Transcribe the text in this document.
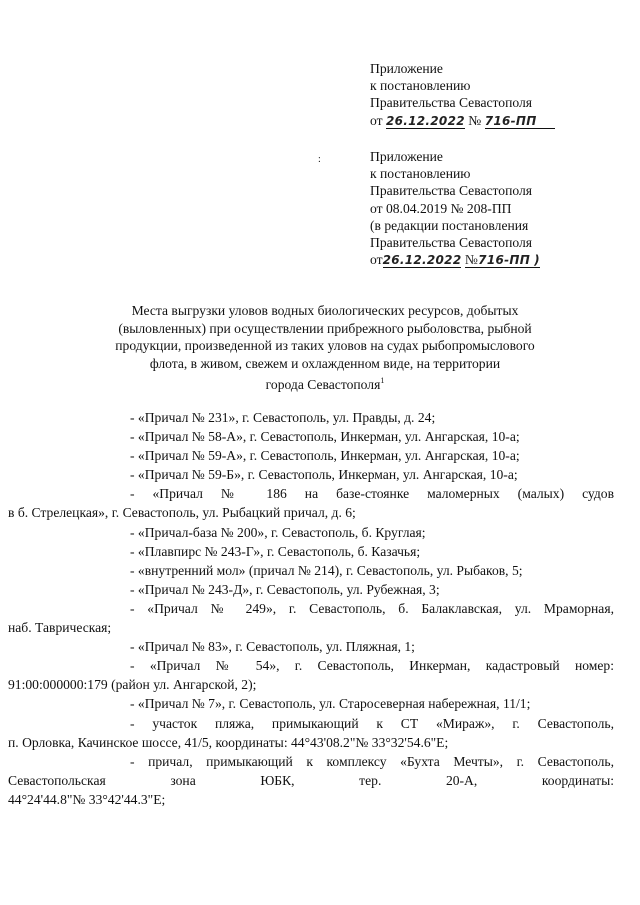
Приложение
к постановлению
Правительства Севастополя
от 26.12.2022 № 716-ПП
:	Приложение
к постановлению
Правительства Севастополя
от 08.04.2019 № 208-ПП
(в редакции постановления
Правительства Севастополя
от26.12.2022 №716-ПП )
Места выгрузки уловов водных биологических ресурсов, добытых
(выловленных) при осуществлении прибрежного рыболовства, рыбной
продукции, произведенной из таких уловов на судах рыбопромыслового
флота, в живом, свежем и охлажденном виде, на территории
города Севастополя$^1$
- «Причал № 231», г. Севастополь, ул. Правды, д. 24;
- «Причал № 58-А», г. Севастополь, Инкерман, ул. Ангарская, 10-а;
- «Причал № 59-А», г. Севастополь, Инкерман, ул. Ангарская, 10-а;
- «Причал № 59-Б», г. Севастополь, Инкерман, ул. Ангарская, 10-а;
- «Причал № 186 на базе-стоянке маломерных (малых) судов
в б. Стрелецкая», г. Севастополь, ул. Рыбацкий причал, д. 6;
- «Причал-база № 200», г. Севастополь, б. Круглая;
- «Плавпирс № 243-Г», г. Севастополь, б. Казачья;
- «внутренний мол» (причал № 214), г. Севастополь, ул. Рыбаков, 5;
- «Причал № 243-Д», г. Севастополь, ул. Рубежная, 3;
- «Причал № 249», г. Севастополь, б. Балаклавская, ул. Мраморная,
наб. Таврическая;
- «Причал № 83», г. Севастополь, ул. Пляжная, 1;
- «Причал № 54», г. Севастополь, Инкерман, кадастровый номер:
91:00:000000:179 (район ул. Ангарской, 2);
- «Причал № 7», г. Севастополь, ул. Старосеверная набережная, 11/1;
- участок пляжа, примыкающий к СТ «Мираж», г. Севастополь,
п. Орловка, Качинское шоссе, 41/5, координаты: 44°43'08.2"№ 33°32'54.6"Е;
- причал, примыкающий к комплексу «Бухта Мечты», г. Севастополь,
Севастопольская зона ЮБК, тер. 20-А, координаты:
44°24'44.8"№ 33°42'44.3"Е;
